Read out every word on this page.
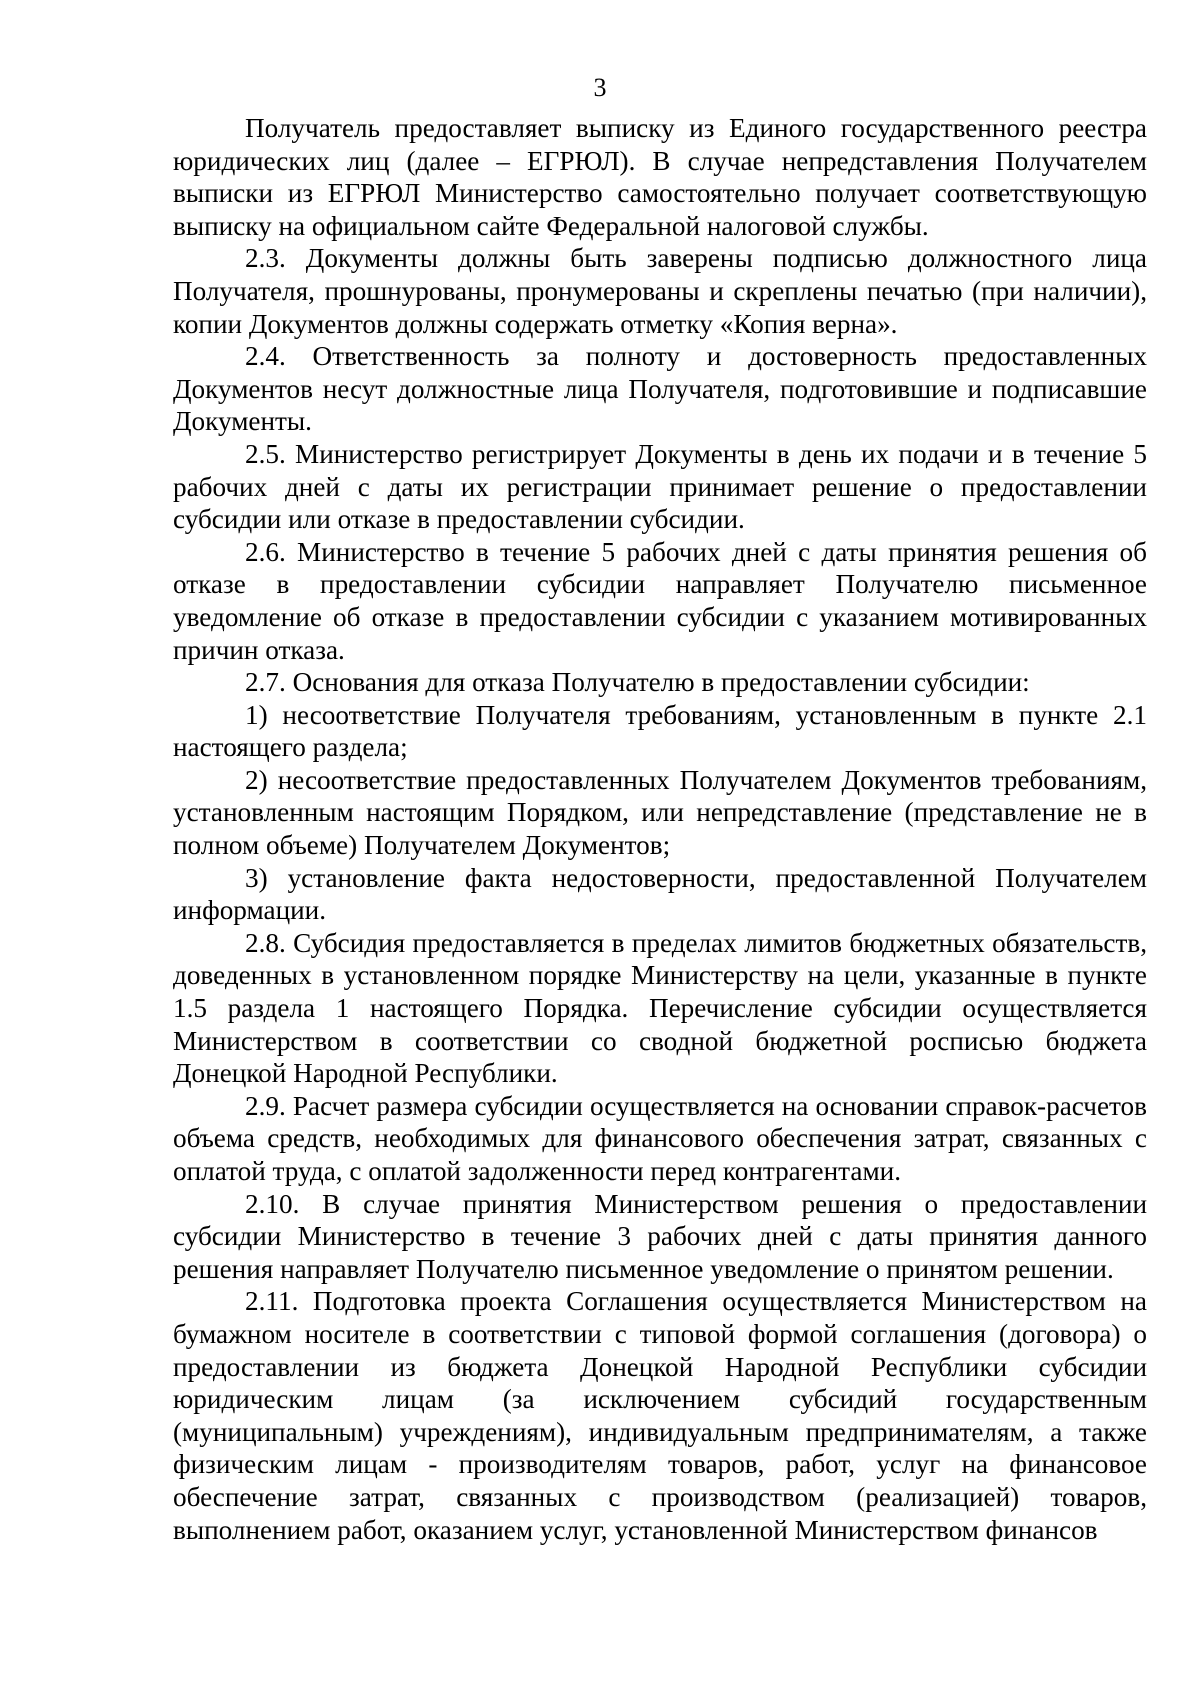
3

Получатель предоставляет выписку из Единого государственного реестра юридических лиц (далее – ЕГРЮЛ). В случае непредставления Получателем выписки из ЕГРЮЛ Министерство самостоятельно получает соответствующую выписку на официальном сайте Федеральной налоговой службы.

2.3. Документы должны быть заверены подписью должностного лица Получателя, прошнурованы, пронумерованы и скреплены печатью (при наличии), копии Документов должны содержать отметку «Копия верна».

2.4. Ответственность за полноту и достоверность предоставленных Документов несут должностные лица Получателя, подготовившие и подписавшие Документы.

2.5. Министерство регистрирует Документы в день их подачи и в течение 5 рабочих дней с даты их регистрации принимает решение о предоставлении субсидии или отказе в предоставлении субсидии.

2.6. Министерство в течение 5 рабочих дней с даты принятия решения об отказе в предоставлении субсидии направляет Получателю письменное уведомление об отказе в предоставлении субсидии с указанием мотивированных причин отказа.

2.7. Основания для отказа Получателю в предоставлении субсидии:

1) несоответствие Получателя требованиям, установленным в пункте 2.1 настоящего раздела;

2) несоответствие предоставленных Получателем Документов требованиям, установленным настоящим Порядком, или непредставление (представление не в полном объеме) Получателем Документов;

3) установление факта недостоверности, предоставленной Получателем информации.

2.8. Субсидия предоставляется в пределах лимитов бюджетных обязательств, доведенных в установленном порядке Министерству на цели, указанные в пункте 1.5 раздела 1 настоящего Порядка. Перечисление субсидии осуществляется Министерством в соответствии со сводной бюджетной росписью бюджета Донецкой Народной Республики.

2.9. Расчет размера субсидии осуществляется на основании справок-расчетов объема средств, необходимых для финансового обеспечения затрат, связанных с оплатой труда, с оплатой задолженности перед контрагентами.

2.10. В случае принятия Министерством решения о предоставлении субсидии Министерство в течение 3 рабочих дней с даты принятия данного решения направляет Получателю письменное уведомление о принятом решении.

2.11. Подготовка проекта Соглашения осуществляется Министерством на бумажном носителе в соответствии с типовой формой соглашения (договора) о предоставлении из бюджета Донецкой Народной Республики субсидии юридическим лицам (за исключением субсидий государственным (муниципальным) учреждениям), индивидуальным предпринимателям, а также физическим лицам - производителям товаров, работ, услуг на финансовое обеспечение затрат, связанных с производством (реализацией) товаров, выполнением работ, оказанием услуг, установленной Министерством финансов
